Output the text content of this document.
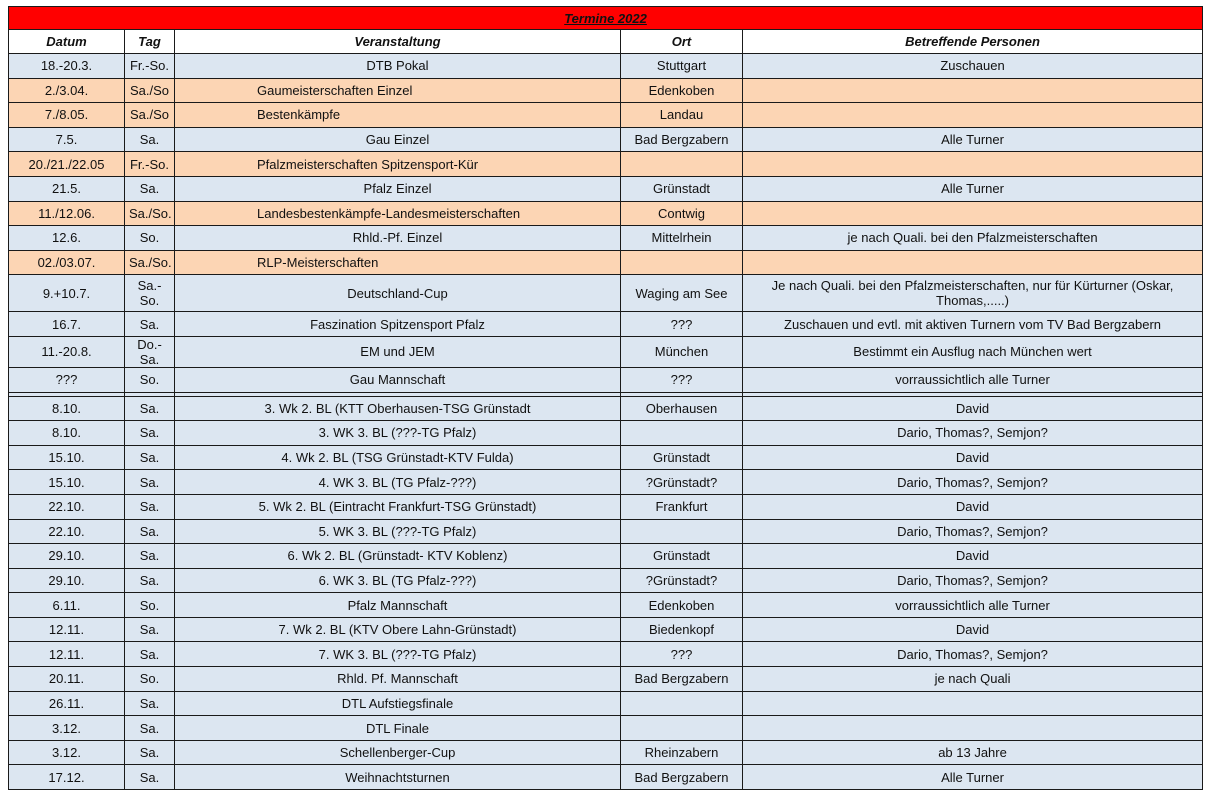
Termine 2022				
Datum	Tag	Veranstaltung	Ort	Betreffende Personen
18.-20.3.	Fr.-So.	DTB Pokal	Stuttgart	Zuschauen
2./3.04.	Sa./So	Gaumeisterschaften Einzel	Edenkoben	
7./8.05.	Sa./So	Bestenkämpfe	Landau	
7.5.	Sa.	Gau Einzel	Bad Bergzabern	Alle Turner
20./21./22.05	Fr.-So.	Pfalzmeisterschaften Spitzensport-Kür		
21.5.	Sa.	Pfalz Einzel	Grünstadt	Alle Turner
11./12.06.	Sa./So.	Landesbestenkämpfe-Landesmeisterschaften	Contwig	
12.6.	So.	Rhld.-Pf. Einzel	Mittelrhein	je nach Quali. bei den Pfalzmeisterschaften
02./03.07.	Sa./So.	RLP-Meisterschaften		
9.+10.7.	Sa.-So.	Deutschland-Cup	Waging am See	Je nach Quali. bei den Pfalzmeisterschaften, nur für Kürturner (Oskar, Thomas,.....)
16.7.	Sa.	Faszination Spitzensport Pfalz	???	Zuschauen und evtl. mit aktiven Turnern vom TV Bad Bergzabern
11.-20.8.	Do.-Sa.	EM und JEM	München	Bestimmt ein Ausflug nach München wert
???	So.	Gau Mannschaft	???	vorraussichtlich alle Turner

8.10.	Sa.	3. Wk 2. BL (KTT Oberhausen-TSG Grünstadt	Oberhausen	David
8.10.	Sa.	3. WK 3. BL (???-TG Pfalz)		Dario, Thomas?, Semjon?
15.10.	Sa.	4. Wk 2. BL (TSG Grünstadt-KTV Fulda)	Grünstadt	David
15.10.	Sa.	4. WK 3. BL (TG Pfalz-???)	?Grünstadt?	Dario, Thomas?, Semjon?
22.10.	Sa.	5. Wk 2. BL (Eintracht Frankfurt-TSG Grünstadt)	Frankfurt	David
22.10.	Sa.	5. WK 3. BL (???-TG Pfalz)		Dario, Thomas?, Semjon?
29.10.	Sa.	6. Wk 2. BL (Grünstadt- KTV Koblenz)	Grünstadt	David
29.10.	Sa.	6. WK 3. BL (TG Pfalz-???)	?Grünstadt?	Dario, Thomas?, Semjon?
6.11.	So.	Pfalz Mannschaft	Edenkoben	vorraussichtlich alle Turner
12.11.	Sa.	7. Wk 2. BL (KTV Obere Lahn-Grünstadt)	Biedenkopf	David
12.11.	Sa.	7. WK 3. BL (???-TG Pfalz)	???	Dario, Thomas?, Semjon?
20.11.	So.	Rhld. Pf. Mannschaft	Bad Bergzabern	je nach Quali
26.11.	Sa.	DTL Aufstiegsfinale		
3.12.	Sa.	DTL Finale		
3.12.	Sa.	Schellenberger-Cup	Rheinzabern	ab 13 Jahre
17.12.	Sa.	Weihnachtsturnen	Bad Bergzabern	Alle Turner
